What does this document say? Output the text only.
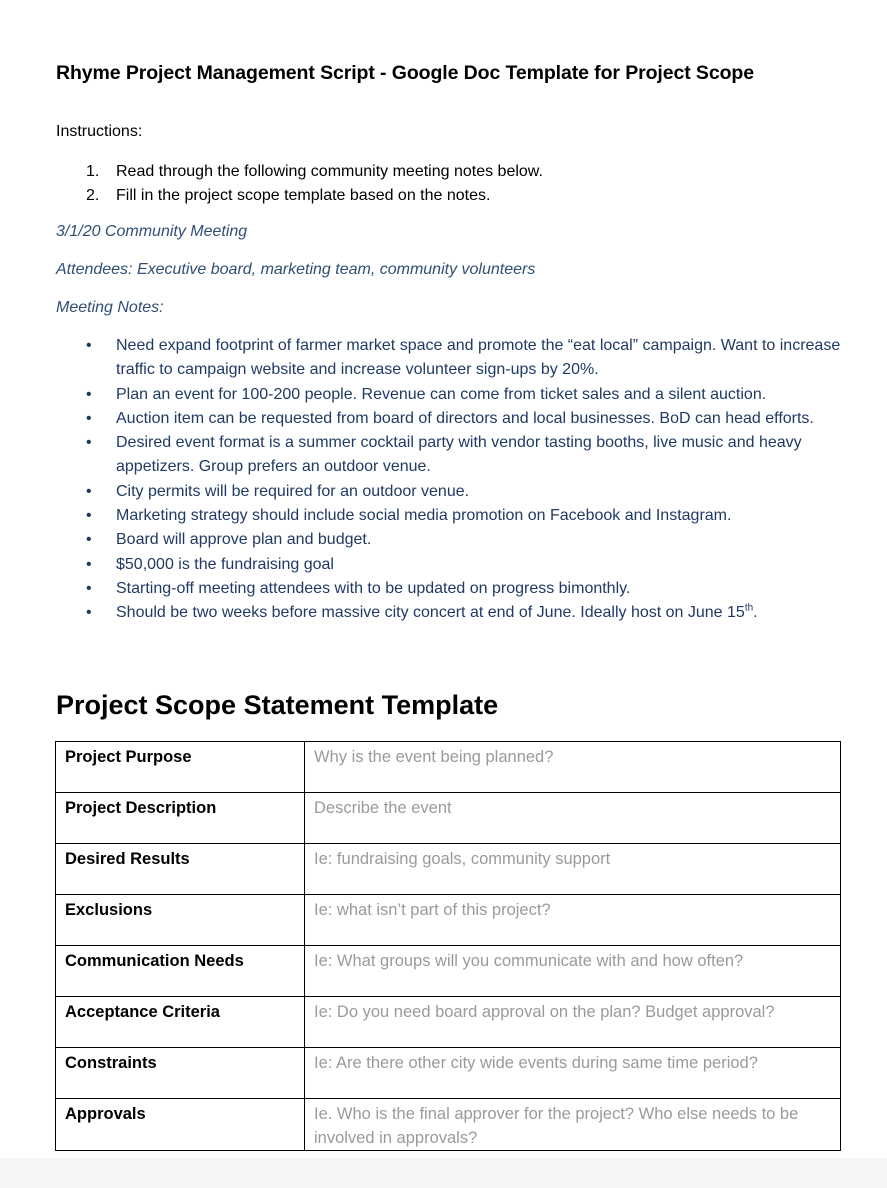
Rhyme Project Management Script - Google Doc Template for Project Scope
Instructions:
1. Read through the following community meeting notes below.
2. Fill in the project scope template based on the notes.
3/1/20 Community Meeting
Attendees: Executive board, marketing team, community volunteers
Meeting Notes:
• Need expand footprint of farmer market space and promote the “eat local” campaign. Want to increase traffic to campaign website and increase volunteer sign-ups by 20%.
• Plan an event for 100-200 people. Revenue can come from ticket sales and a silent auction.
• Auction item can be requested from board of directors and local businesses. BoD can head efforts.
• Desired event format is a summer cocktail party with vendor tasting booths, live music and heavy appetizers. Group prefers an outdoor venue.
• City permits will be required for an outdoor venue.
• Marketing strategy should include social media promotion on Facebook and Instagram.
• Board will approve plan and budget.
• $50,000 is the fundraising goal
• Starting-off meeting attendees with to be updated on progress bimonthly.
• Should be two weeks before massive city concert at end of June. Ideally host on June 15th.
Project Scope Statement Template
Project Purpose	Why is the event being planned?
Project Description	Describe the event
Desired Results	Ie: fundraising goals, community support
Exclusions	Ie: what isn’t part of this project?
Communication Needs	Ie: What groups will you communicate with and how often?
Acceptance Criteria	Ie: Do you need board approval on the plan? Budget approval?
Constraints	Ie: Are there other city wide events during same time period?
Approvals	Ie. Who is the final approver for the project? Who else needs to be involved in approvals?
